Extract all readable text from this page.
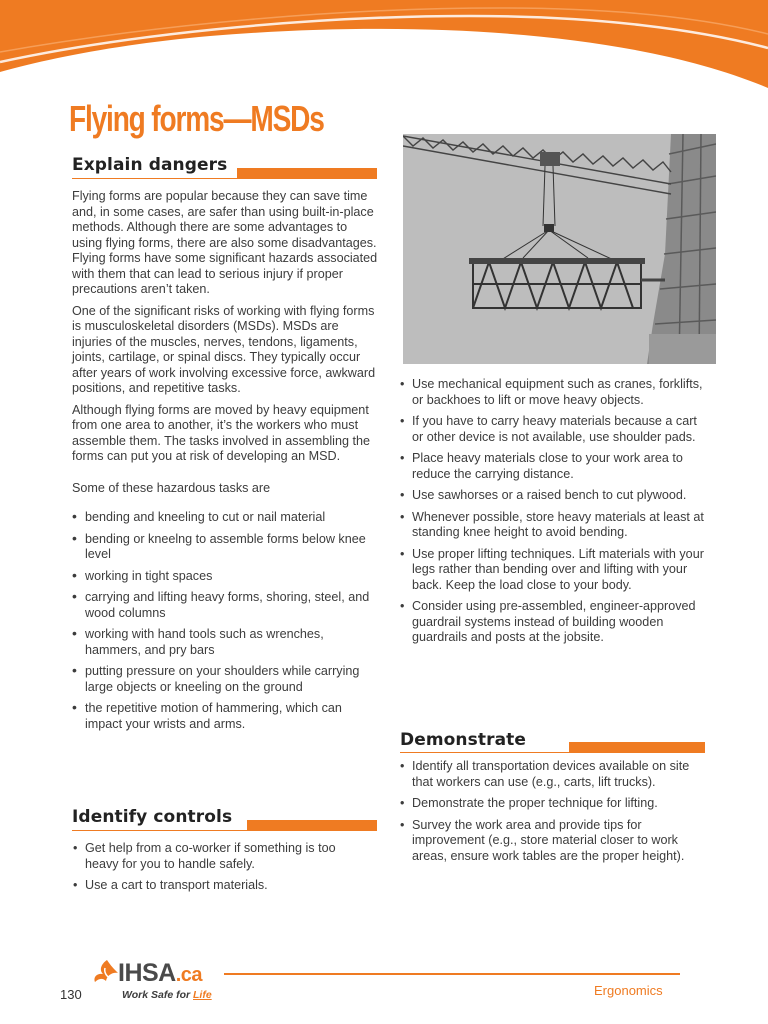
Flying forms—MSDs
Explain dangers

Flying forms are popular because they can save time and, in some cases, are safer than using built-in-place methods. Although there are some advantages to using flying forms, there are also some disadvantages. Flying forms have some significant hazards associated with them that can lead to serious injury if proper precautions aren’t taken.

One of the significant risks of working with flying forms is musculoskeletal disorders (MSDs). MSDs are injuries of the muscles, nerves, tendons, ligaments, joints, cartilage, or spinal discs. They typically occur after years of work involving excessive force, awkward positions, and repetitive tasks.

Although flying forms are moved by heavy equipment from one area to another, it’s the workers who must assemble them. The tasks involved in assembling the forms can put you at risk of developing an MSD.

Some of these hazardous tasks are

• bending and kneeling to cut or nail material
• bending or kneelng to assemble forms below knee level
• working in tight spaces
• carrying and lifting heavy forms, shoring, steel, and wood columns
• working with hand tools such as wrenches, hammers, and pry bars
• putting pressure on your shoulders while carrying large objects or kneeling on the ground
• the repetitive motion of hammering, which can impact your wrists and arms.
Identify controls
• Get help from a co-worker if something is too heavy for you to handle safely.
• Use a cart to transport materials.
• Use mechanical equipment such as cranes, forklifts, or backhoes to lift or move heavy objects.
• If you have to carry heavy materials because a cart or other device is not available, use shoulder pads.
• Place heavy materials close to your work area to reduce the carrying distance.
• Use sawhorses or a raised bench to cut plywood.
• Whenever possible, store heavy materials at least at standing knee height to avoid bending.
• Use proper lifting techniques. Lift materials with your legs rather than bending over and lifting with your back. Keep the load close to your body.
• Consider using pre-assembled, engineer-approved guardrail systems instead of building wooden guardrails and posts at the jobsite.
Demonstrate
• Identify all transportation devices available on site that workers can use (e.g., carts, lift trucks).
• Demonstrate the proper technique for lifting.
• Survey the work area and provide tips for improvement (e.g., store material closer to work areas, ensure work tables are the proper height).
IHSA.ca
Work Safe for Life
130	Ergonomics
